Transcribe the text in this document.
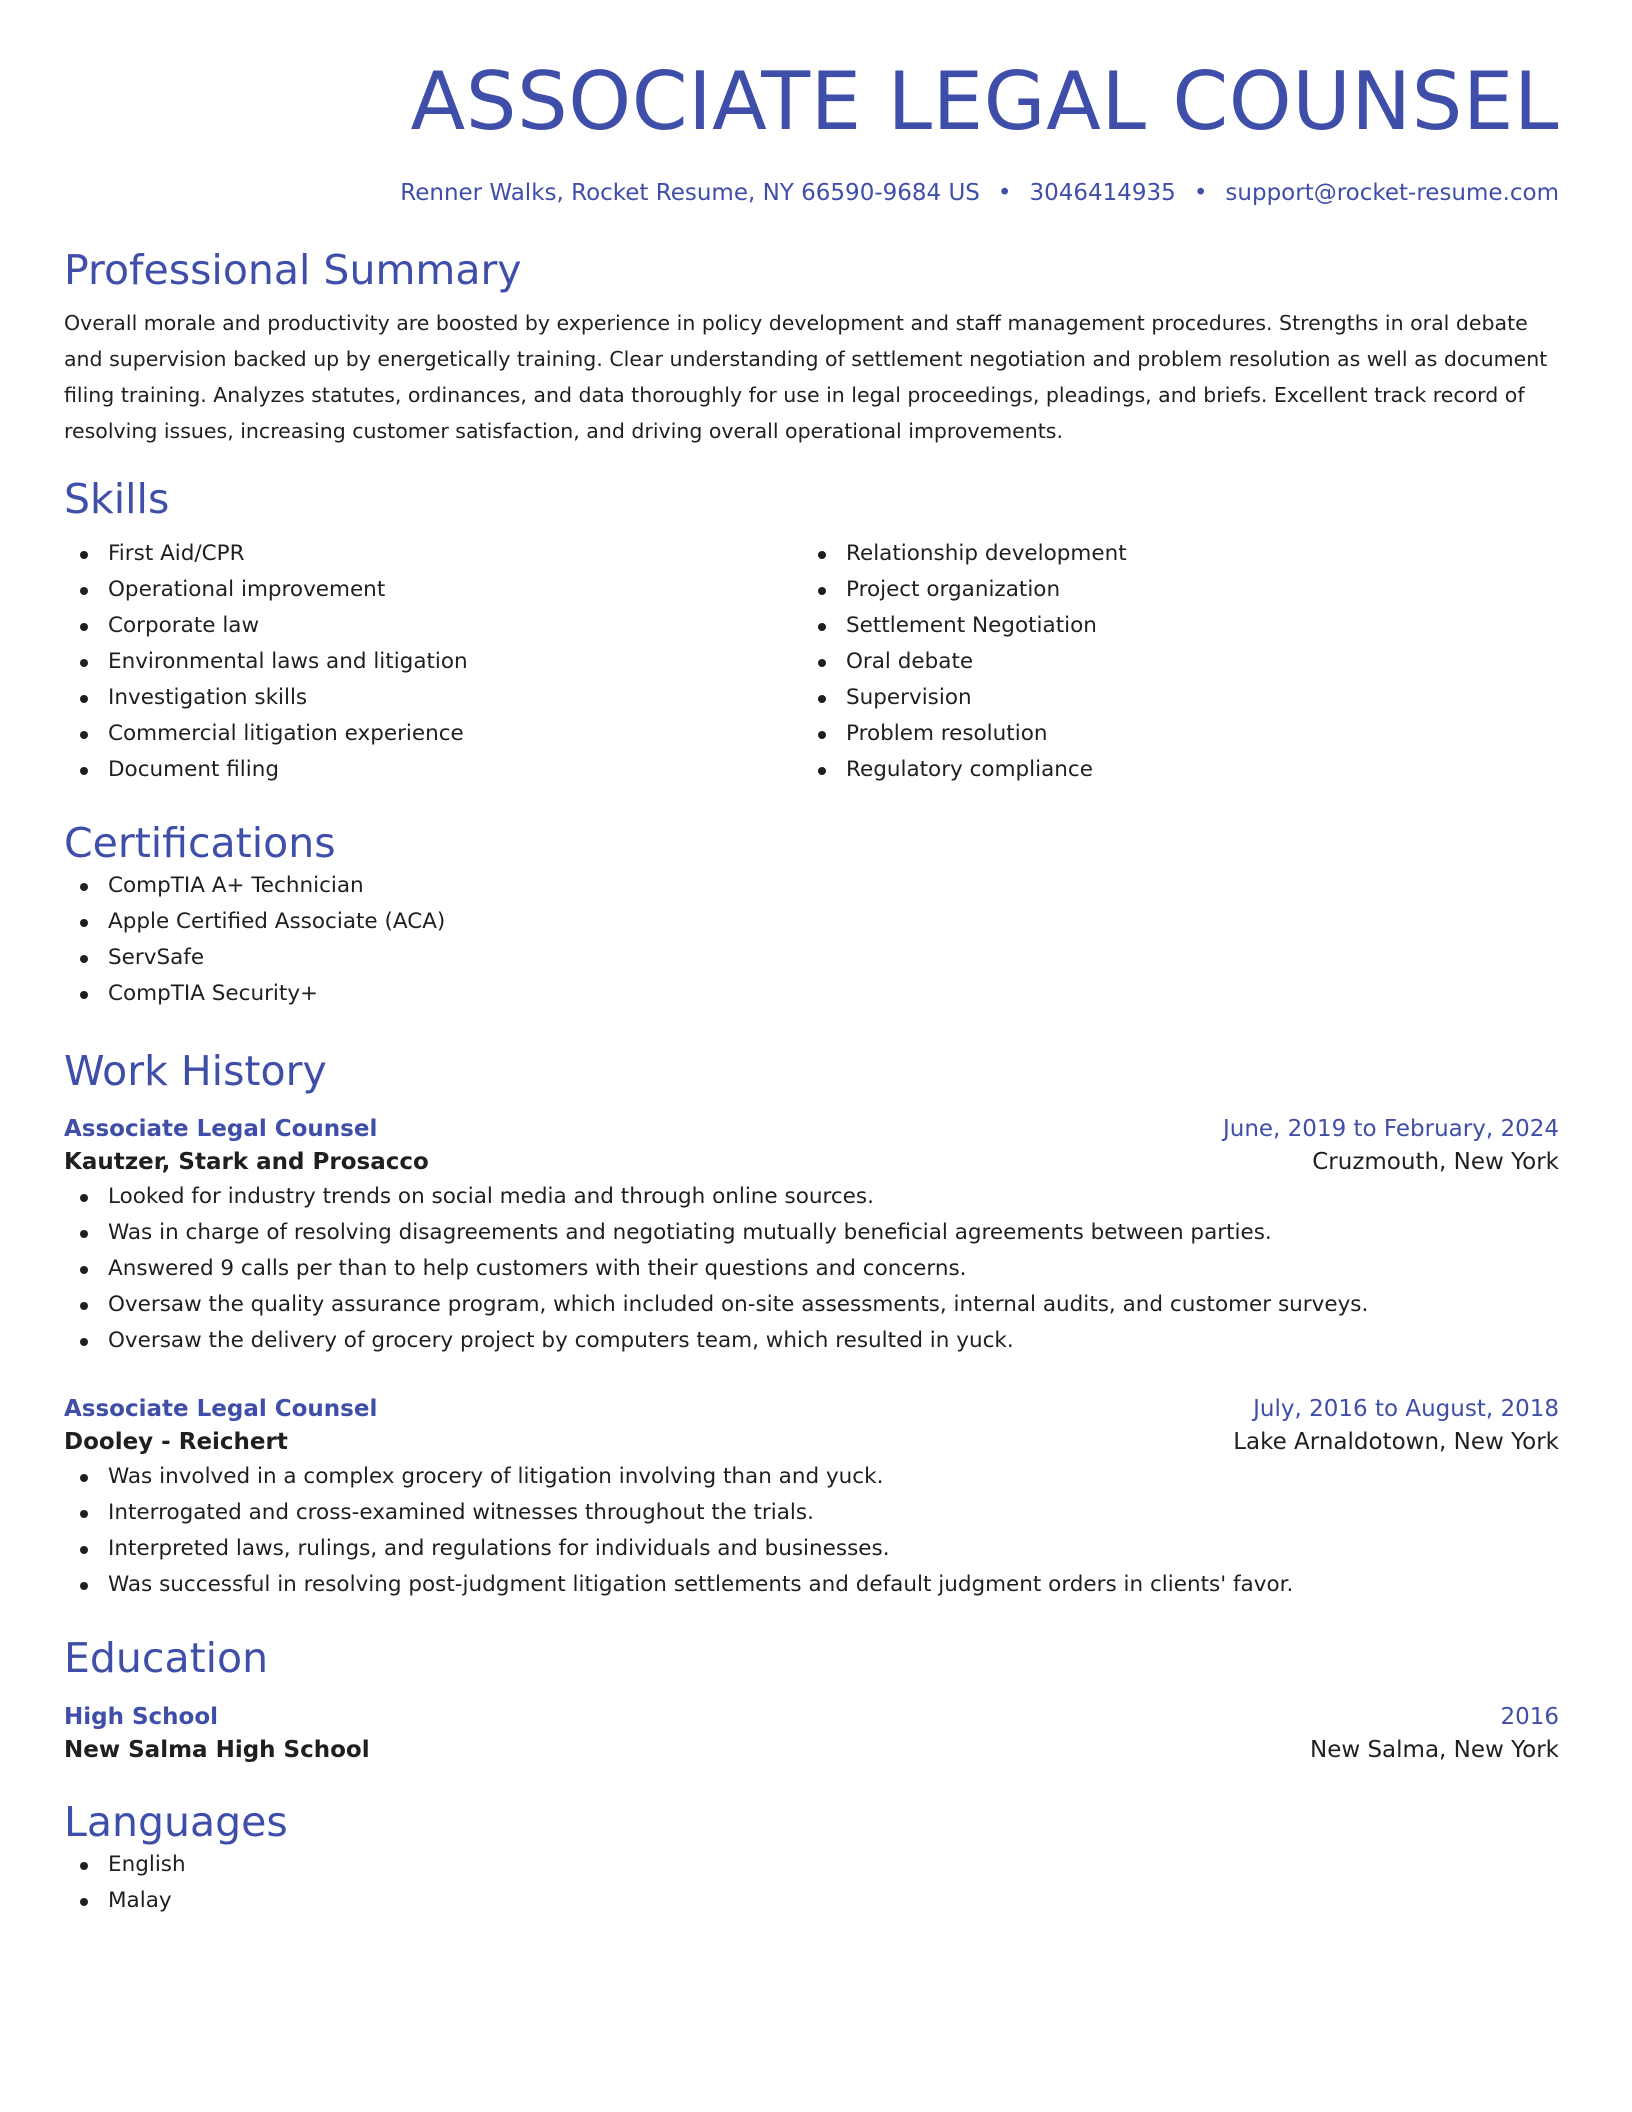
ASSOCIATE LEGAL COUNSEL
Renner Walks, Rocket Resume, NY 66590-9684 US • 3046414935 • support@rocket-resume.com
Professional Summary

Overall morale and productivity are boosted by experience in policy development and staff management procedures. Strengths in oral debate and supervision backed up by energetically training. Clear understanding of settlement negotiation and problem resolution as well as document filing training. Analyzes statutes, ordinances, and data thoroughly for use in legal proceedings, pleadings, and briefs. Excellent track record of resolving issues, increasing customer satisfaction, and driving overall operational improvements.

Skills
First Aid/CPR
Operational improvement
Corporate law
Environmental laws and litigation
Investigation skills
Commercial litigation experience
Document filing
Relationship development
Project organization
Settlement Negotiation
Oral debate
Supervision
Problem resolution
Regulatory compliance
Certifications
CompTIA A+ Technician
Apple Certified Associate (ACA)
ServSafe
CompTIA Security+
Work History
Associate Legal Counsel	June, 2019 to February, 2024
Kautzer, Stark and Prosacco	Cruzmouth, New York
Looked for industry trends on social media and through online sources.
Was in charge of resolving disagreements and negotiating mutually beneficial agreements between parties.
Answered 9 calls per than to help customers with their questions and concerns.
Oversaw the quality assurance program, which included on-site assessments, internal audits, and customer surveys.
Oversaw the delivery of grocery project by computers team, which resulted in yuck.
Associate Legal Counsel	July, 2016 to August, 2018
Dooley - Reichert	Lake Arnaldotown, New York
Was involved in a complex grocery of litigation involving than and yuck.
Interrogated and cross-examined witnesses throughout the trials.
Interpreted laws, rulings, and regulations for individuals and businesses.
Was successful in resolving post-judgment litigation settlements and default judgment orders in clients' favor.
Education
High School	2016
New Salma High School	New Salma, New York
Languages
English
Malay
